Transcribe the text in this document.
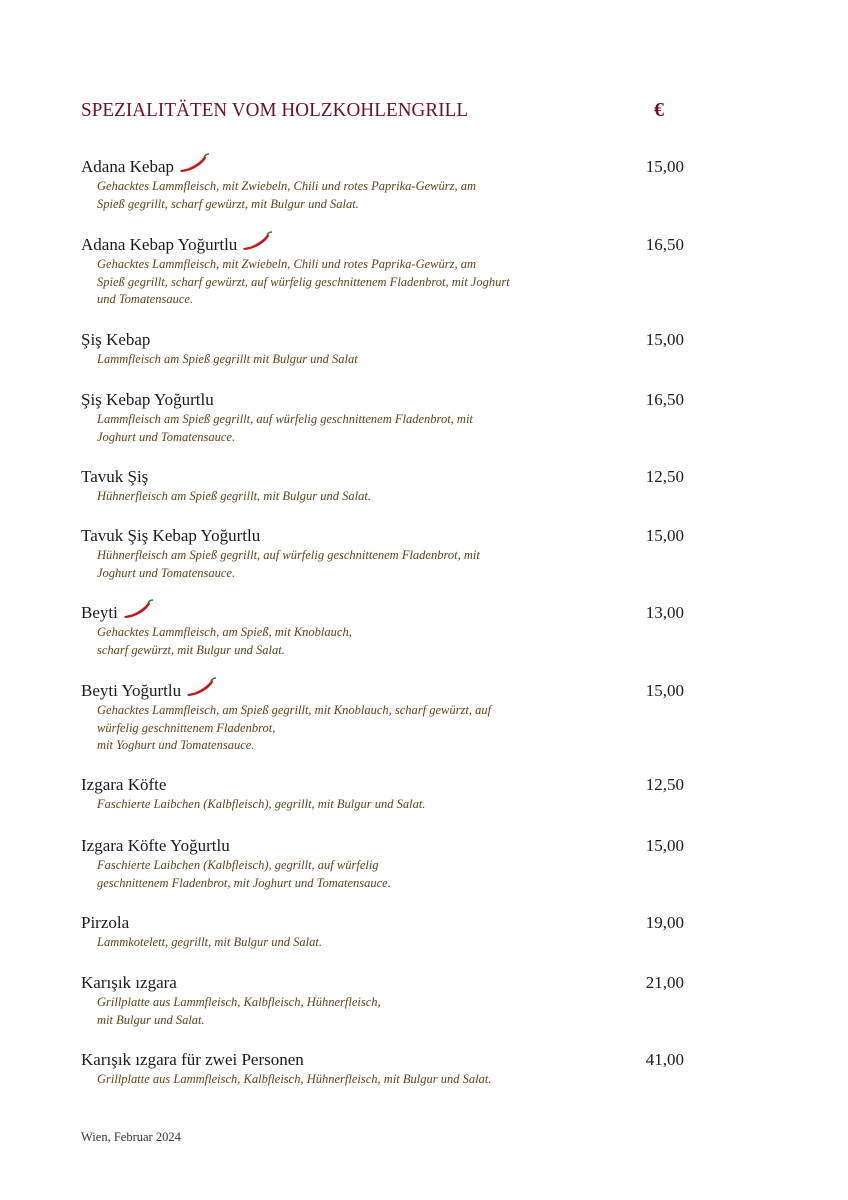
SPEZIALITÄTEN VOM HOLZKOHLENGRILL	€
Adana Kebap	15,00
Gehacktes Lammfleisch, mit Zwiebeln, Chili und rotes Paprika-Gewürz, am
Spieß gegrillt, scharf gewürzt, mit Bulgur und Salat.
Adana Kebap Yoğurtlu	16,50
Gehacktes Lammfleisch, mit Zwiebeln, Chili und rotes Paprika-Gewürz, am
Spieß gegrillt, scharf gewürzt, auf würfelig geschnittenem Fladenbrot, mit Joghurt
und Tomatensauce.
Şiş Kebap	15,00
Lammfleisch am Spieß gegrillt mit Bulgur und Salat
Şiş Kebap Yoğurtlu	16,50
Lammfleisch am Spieß gegrillt, auf würfelig geschnittenem Fladenbrot, mit
Joghurt und Tomatensauce.
Tavuk Şiş	12,50
Hühnerfleisch am Spieß gegrillt, mit Bulgur und Salat.
Tavuk Şiş Kebap Yoğurtlu	15,00
Hühnerfleisch am Spieß gegrillt, auf würfelig geschnittenem Fladenbrot, mit
Joghurt und Tomatensauce.
Beyti	13,00
Gehacktes Lammfleisch, am Spieß, mit Knoblauch,
scharf gewürzt, mit Bulgur und Salat.
Beyti Yoğurtlu	15,00
Gehacktes Lammfleisch, am Spieß gegrillt, mit Knoblauch, scharf gewürzt, auf
würfelig geschnittenem Fladenbrot,
mit Yoghurt und Tomatensauce.
Izgara Köfte	12,50
Faschierte Laibchen (Kalbfleisch), gegrillt, mit Bulgur und Salat.
Izgara Köfte Yoğurtlu	15,00
Faschierte Laibchen (Kalbfleisch), gegrillt, auf würfelig
geschnittenem Fladenbrot, mit Joghurt und Tomatensauce.
Pirzola	19,00
Lammkotelett, gegrillt, mit Bulgur und Salat.
Karışık ızgara	21,00
Grillplatte aus Lammfleisch, Kalbfleisch, Hühnerfleisch,
mit Bulgur und Salat.
Karışık ızgara für zwei Personen	41,00
Grillplatte aus Lammfleisch, Kalbfleisch, Hühnerfleisch, mit Bulgur und Salat.
Wien, Februar 2024
